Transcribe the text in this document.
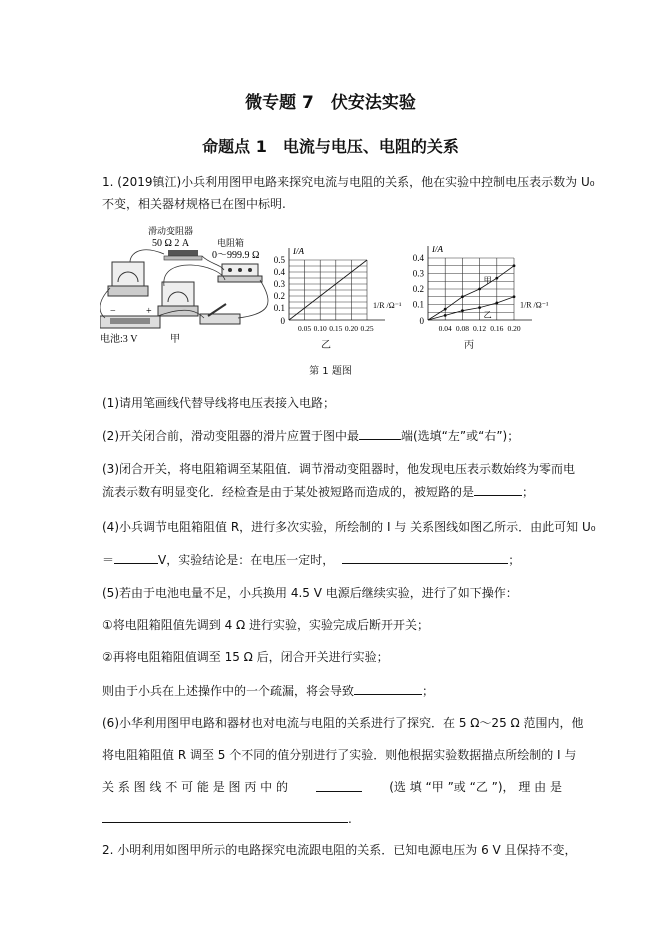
微专题 7　伏安法实验
命题点 1　电流与电压、电阻的关系
1. (2019镇江)小兵利用图甲电路来探究电流与电阻的关系，他在实验中控制电压表示数为 U₀
不变，相关器材规格已在图中标明.
滑动变阻器
50 Ω 2 A	电阻箱
0～999.9 Ω
−	+
电池:3 V	甲
0.05 0.10 0.15 0.20 0.25
0.1
0.2
0.3
0.4
0.5
0
I/A
1/R /Ω⁻¹
0.04 0.08 0.12 0.16 0.20
0.1
0.2
0.3
0.4
0
I/A
1/R /Ω⁻¹
甲
乙
乙	丙
第 1 题图
(1)请用笔画线代替导线将电压表接入电路；
(2)开关闭合前，滑动变阻器的滑片应置于图中最	端(选填“左”或“右”)；
(3)闭合开关，将电阻箱调至某阻值．调节滑动变阻器时，他发现电压表示数始终为零而电
流表示数有明显变化．经检查是由于某处被短路而造成的，被短路的是	；
(4)小兵调节电阻箱阻值 R，进行多次实验，所绘制的 I 与 关系图线如图乙所示．由此可知 U₀
＝	V，实验结论是：在电压一定时，	；
(5)若由于电池电量不足，小兵换用 4.5 V 电源后继续实验，进行了如下操作：
①将电阻箱阻值先调到 4 Ω 进行实验，实验完成后断开开关；
②再将电阻箱阻值调至 15 Ω 后，闭合开关进行实验；
则由于小兵在上述操作中的一个疏漏，将会导致	；
(6)小华利用图甲电路和器材也对电流与电阻的关系进行了探究．在 5 Ω～25 Ω 范围内，他
将电阻箱阻值 R 调至 5 个不同的值分别进行了实验．则他根据实验数据描点所绘制的 I 与
关 系 图 线 不 可 能 是 图 丙 中 的	(选 填 “甲 ”或 “乙 ”)， 理 由 是
.
2. 小明利用如图甲所示的电路探究电流跟电阻的关系．已知电源电压为 6 V 且保持不变，
